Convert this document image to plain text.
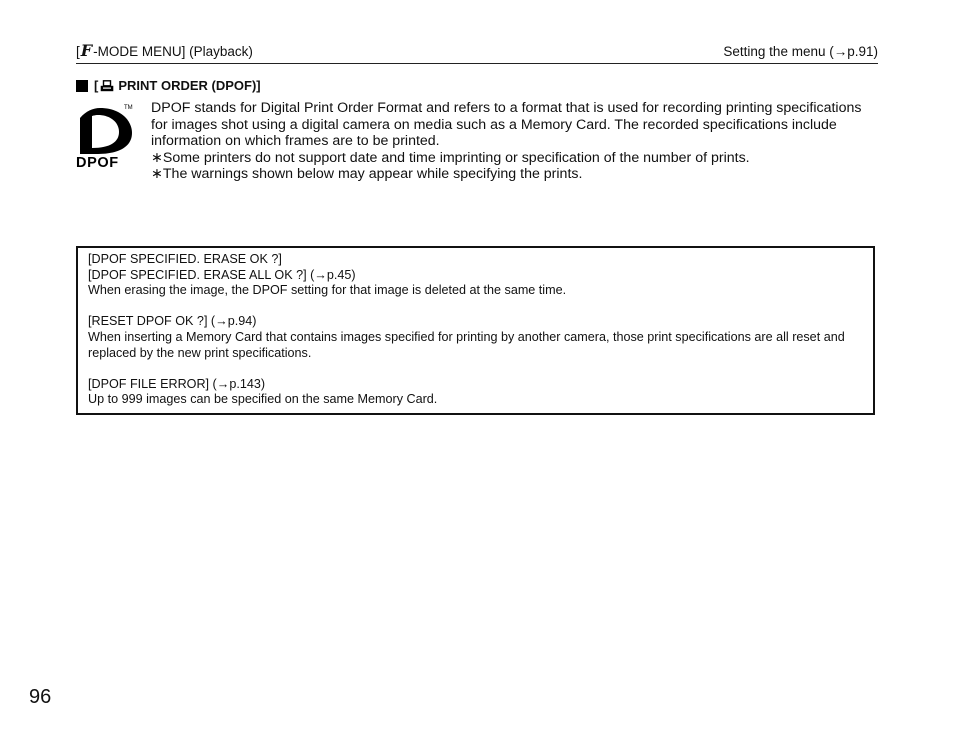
[F-MODE MENU] (Playback)	Setting the menu (→p.91)
[ PRINT ORDER (DPOF)]
TM
DPOF

DPOF stands for Digital Print Order Format and refers to a format that is used for recording printing specifications for images shot using a digital camera on media such as a Memory Card. The recorded specifications include information on which frames are to be printed.

∗Some printers do not support date and time imprinting or specification of the number of prints.

∗The warnings shown below may appear while specifying the prints.

[DPOF SPECIFIED. ERASE OK ?]

[DPOF SPECIFIED. ERASE ALL OK ?] (→p.45)

When erasing the image, the DPOF setting for that image is deleted at the same time.

[RESET DPOF OK ?] (→p.94)

When inserting a Memory Card that contains images specified for printing by another camera, those print specifications are all reset and replaced by the new print specifications.

[DPOF FILE ERROR] (→p.143)

Up to 999 images can be specified on the same Memory Card.

96
